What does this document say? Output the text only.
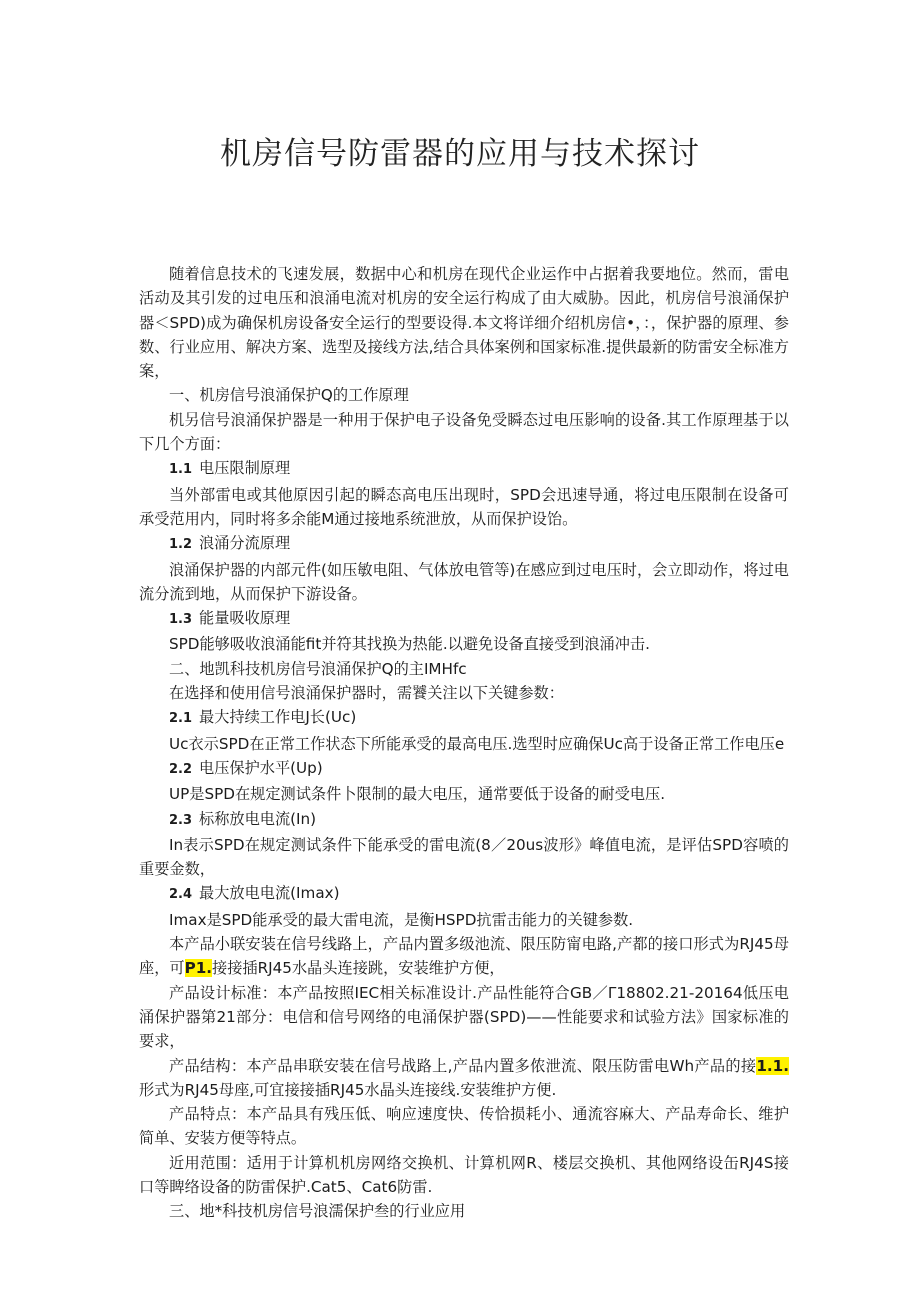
机房信号防雷器的应用与技术探讨

随着信息技术的飞速发展，数据中心和机房在现代企业运作中占据着我要地位。然而，雷电活动及其引发的过电压和浪涌电流对机房的安全运行构成了由大威胁。因此，机房信号浪涌保护器＜SPD)成为确保机房设备安全运行的型要设得.本文将详细介绍机房信•，：，保护器的原理、参数、行业应用、解决方案、选型及接线方法,结合具体案例和国家标准.提供最新的防雷安全标准方案，

一、机房信号浪涌保护Q的工作原理

机另信号浪涌保护器是一种用于保护电子设备免受瞬态过电压影响的设备.其工作原理基于以下几个方面：

1.1 电压限制原理

当外部雷电或其他原因引起的瞬态高电压出现时，SPD会迅速导通，将过电压限制在设备可承受范用内，同时将多余能M通过接地系统泄放，从而保护设饴。

1.2 浪涌分流原理

浪涌保护器的内部元件(如压敏电阻、气体放电管等)在感应到过电压时，会立即动作，将过电流分流到地，从而保护下游设备。

1.3 能量吸收原理

SPD能够吸收浪涌能fit并符其找换为热能.以避免设备直接受到浪涌冲击.

二、地凯科技机房信号浪涌保护Q的主IMHfc

在选择和使用信号浪涌保护器时，需饕关注以下关键参数：

2.1 最大持续工作电J长(Uc)

Uc衣示SPD在正常工作状态下所能承受的最高电压.选型时应确保Uc高于设备正常工作电压e

2.2 电压保护水平(Up)

UP是SPD在规定测试条件卜限制的最大电压，通常要低于设备的耐受电压.

2.3 标称放电电流(In)

In表示SPD在规定测试条件下能承受的雷电流(8／20us波形》峰值电流，是评估SPD容喷的重要金数，

2.4 最大放电电流(Imax)

Imax是SPD能承受的最大雷电流，是衡HSPD抗雷击能力的关键参数.

本产品小联安装在信号线路上，产品内置多级池流、限压防甯电路,产都的接口形式为RJ45母座，可P1.接接插RJ45水晶头连接跳，安装维护方便，

产品设计标准：本产品按照IEC相关标准设计.产品性能符合GB／Γ18802.21-20164低压电涌保护器第21部分：电信和信号网络的电涌保护器(SPD)——性能要求和试验方法》国家标准的要求，

产品结构：本产品串联安装在信号战路上,产品内置多侬泄流、限压防雷电Wh产品的接1.1.形式为RJ45母座,可宜接接插RJ45水晶头连接线.安装维护方便.

产品特点：本产品具有残压低、响应速度快、传恰损耗小、通流容麻大、产品寿命长、维护简单、安装方便等特点。

近用范围：适用于计算机机房网络交换机、计算机网R、楼层交换机、其他网络设缶RJ4S接口等睥络设备的防雷保护.Cat5、Cat6防雷.

三、地*科技机房信号浪濡保护叁的行业应用
